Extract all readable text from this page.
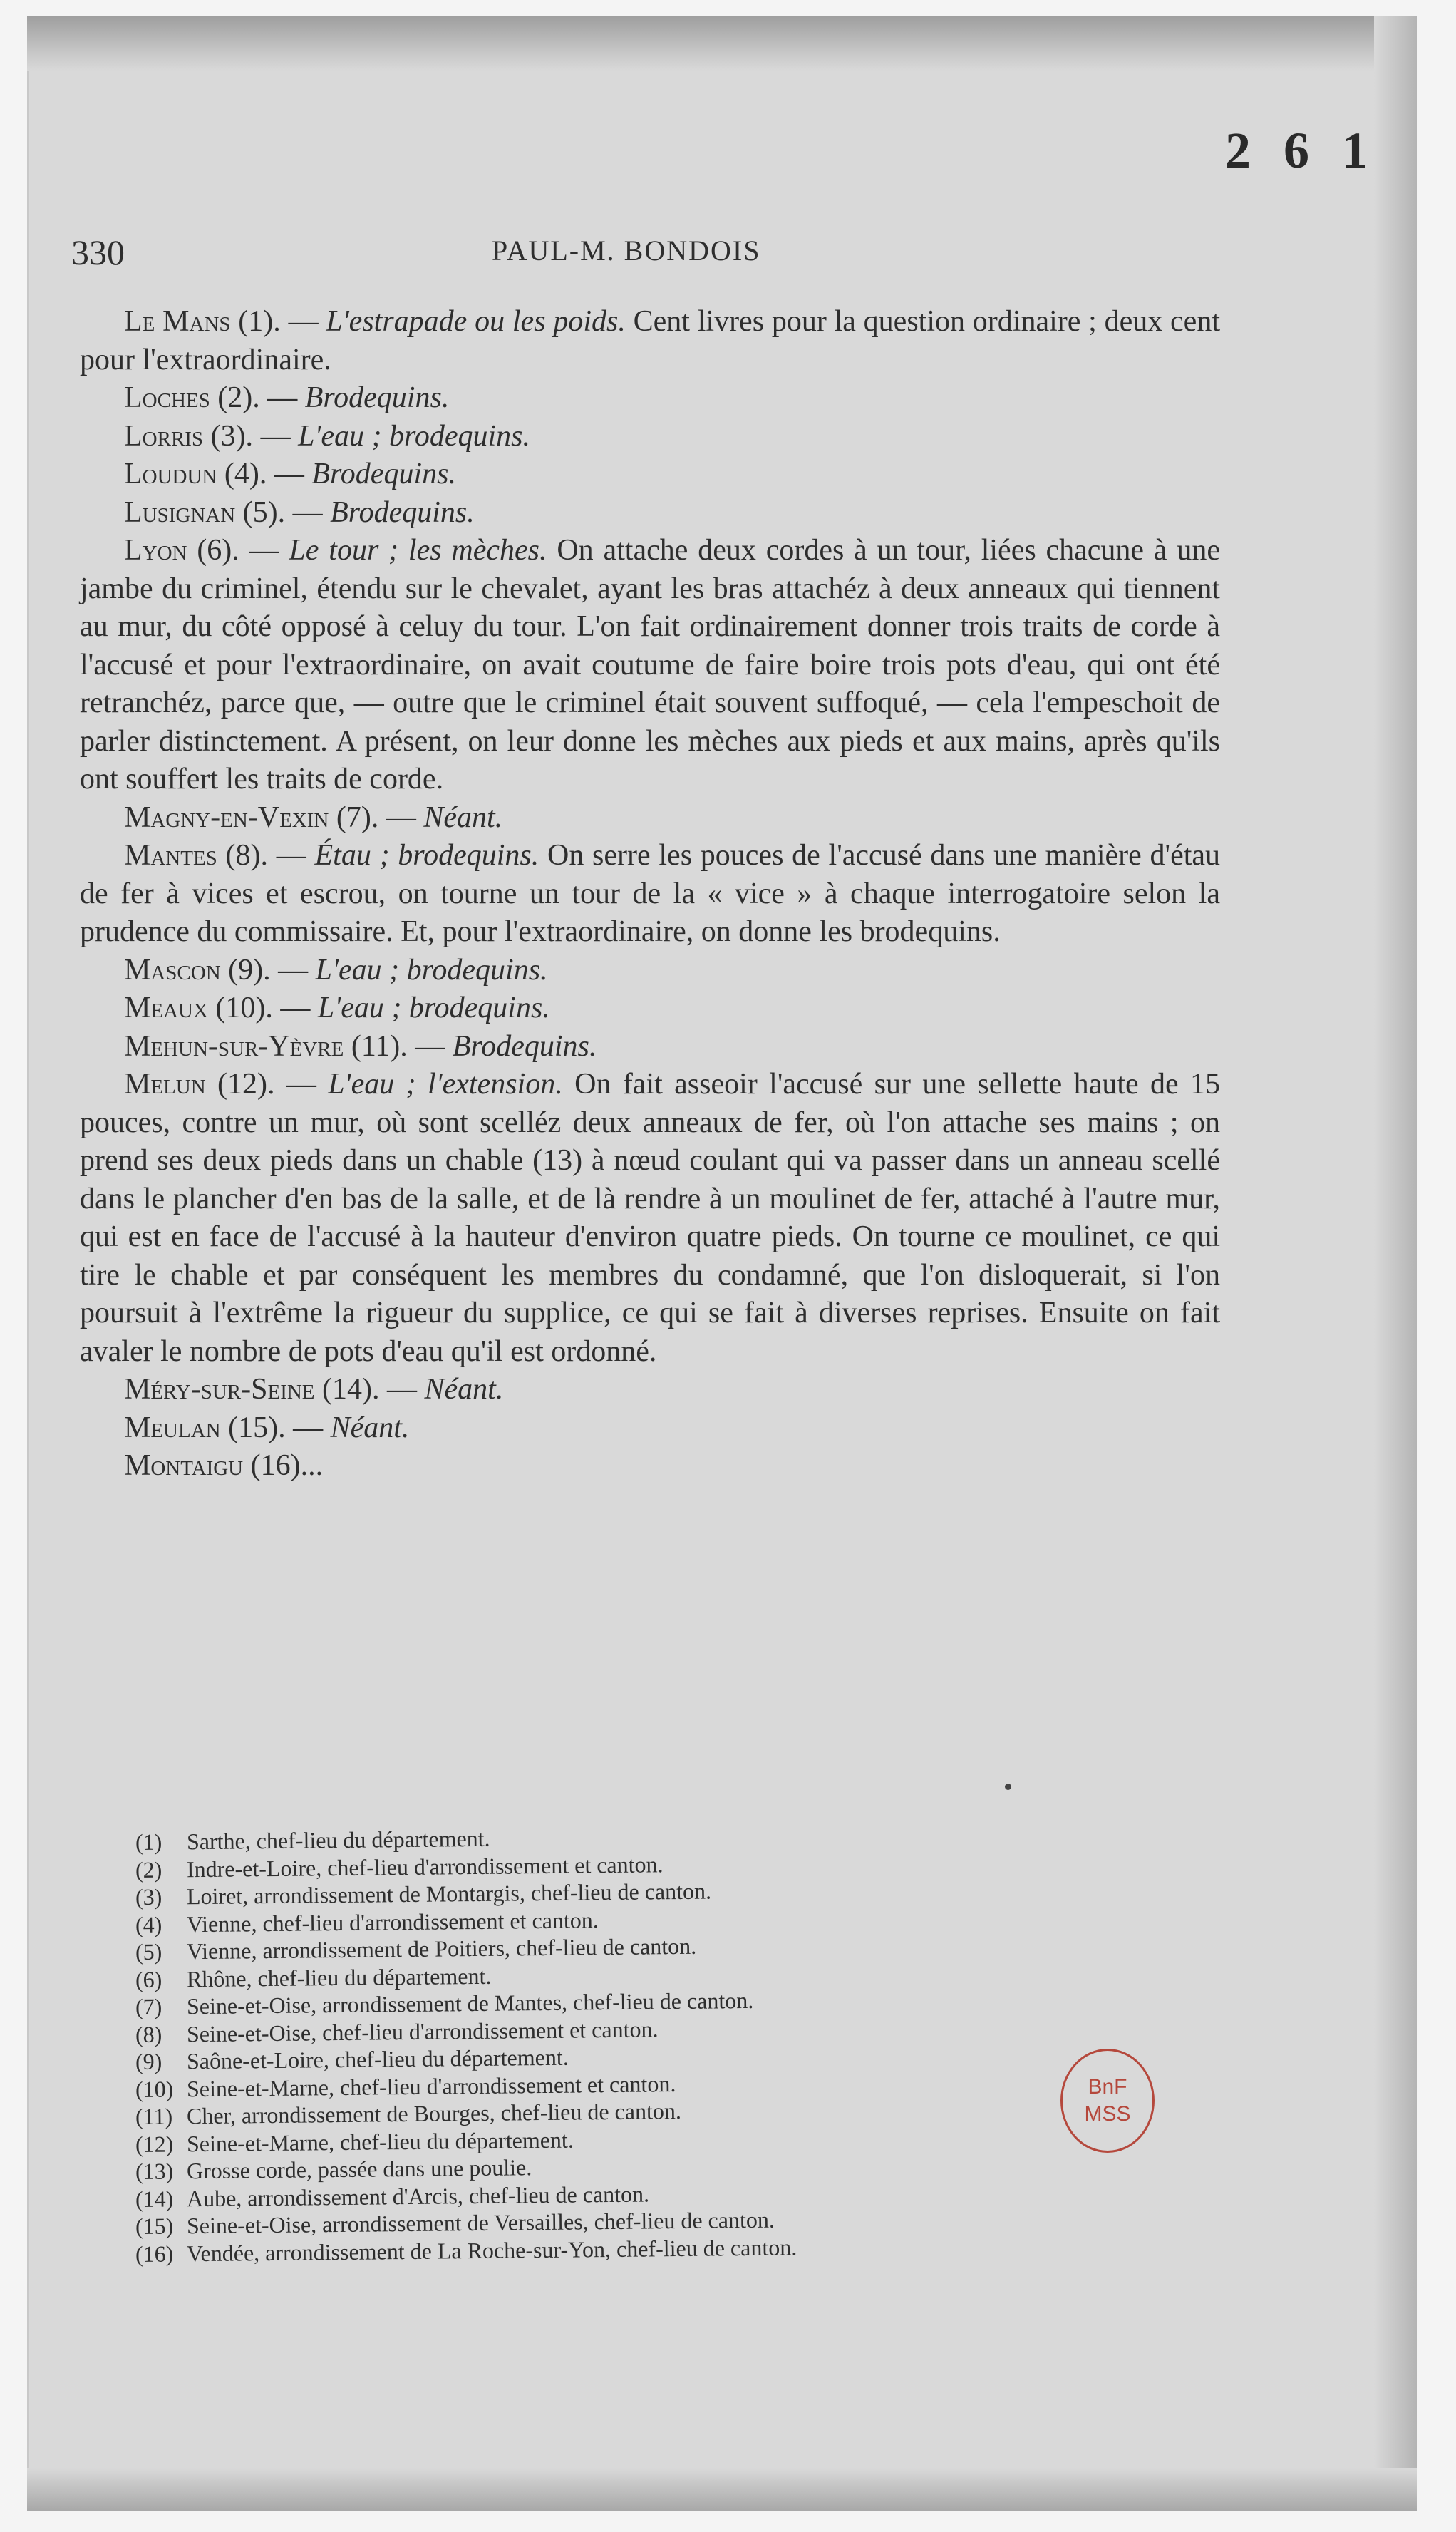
2 6 1
330	PAUL-M. BONDOIS

Le Mans (1). — L'estrapade ou les poids. Cent livres pour la question ordinaire ; deux cent pour l'extraordinaire.

Loches (2). — Brodequins.

Lorris (3). — L'eau ; brodequins.

Loudun (4). — Brodequins.

Lusignan (5). — Brodequins.

Lyon (6). — Le tour ; les mèches. On attache deux cordes à un tour, liées chacune à une jambe du criminel, étendu sur le chevalet, ayant les bras attachéz à deux anneaux qui tiennent au mur, du côté opposé à celuy du tour. L'on fait ordinairement donner trois traits de corde à l'accusé et pour l'extraordinaire, on avait coutume de faire boire trois pots d'eau, qui ont été retranchéz, parce que, — outre que le criminel était souvent suffoqué, — cela l'empeschoit de parler distinctement. A présent, on leur donne les mèches aux pieds et aux mains, après qu'ils ont souffert les traits de corde.

Magny-en-Vexin (7). — Néant.

Mantes (8). — Étau ; brodequins. On serre les pouces de l'accusé dans une manière d'étau de fer à vices et escrou, on tourne un tour de la « vice » à chaque interrogatoire selon la prudence du commissaire. Et, pour l'extraordinaire, on donne les brodequins.

Mascon (9). — L'eau ; brodequins.

Meaux (10). — L'eau ; brodequins.

Mehun-sur-Yèvre (11). — Brodequins.

Melun (12). — L'eau ; l'extension. On fait asseoir l'accusé sur une sellette haute de 15 pouces, contre un mur, où sont scelléz deux anneaux de fer, où l'on attache ses mains ; on prend ses deux pieds dans un chable (13) à nœud coulant qui va passer dans un anneau scellé dans le plancher d'en bas de la salle, et de là rendre à un moulinet de fer, attaché à l'autre mur, qui est en face de l'accusé à la hauteur d'environ quatre pieds. On tourne ce moulinet, ce qui tire le chable et par conséquent les membres du condamné, que l'on disloquerait, si l'on poursuit à l'extrême la rigueur du supplice, ce qui se fait à diverses reprises. Ensuite on fait avaler le nombre de pots d'eau qu'il est ordonné.

Méry-sur-Seine (14). — Néant.

Meulan (15). — Néant.

Montaigu (16)...

(1)	Sarthe, chef-lieu du département.
(2)	Indre-et-Loire, chef-lieu d'arrondissement et canton.
(3)	Loiret, arrondissement de Montargis, chef-lieu de canton.
(4)	Vienne, chef-lieu d'arrondissement et canton.
(5)	Vienne, arrondissement de Poitiers, chef-lieu de canton.
(6)	Rhône, chef-lieu du département.
(7)	Seine-et-Oise, arrondissement de Mantes, chef-lieu de canton.
(8)	Seine-et-Oise, chef-lieu d'arrondissement et canton.
(9)	Saône-et-Loire, chef-lieu du département.
(10) Seine-et-Marne, chef-lieu d'arrondissement et canton.
(11) Cher, arrondissement de Bourges, chef-lieu de canton.
(12) Seine-et-Marne, chef-lieu du département.
(13) Grosse corde, passée dans une poulie.
(14) Aube, arrondissement d'Arcis, chef-lieu de canton.
(15) Seine-et-Oise, arrondissement de Versailles, chef-lieu de canton.
(16) Vendée, arrondissement de La Roche-sur-Yon, chef-lieu de canton.
BnF
MSS
